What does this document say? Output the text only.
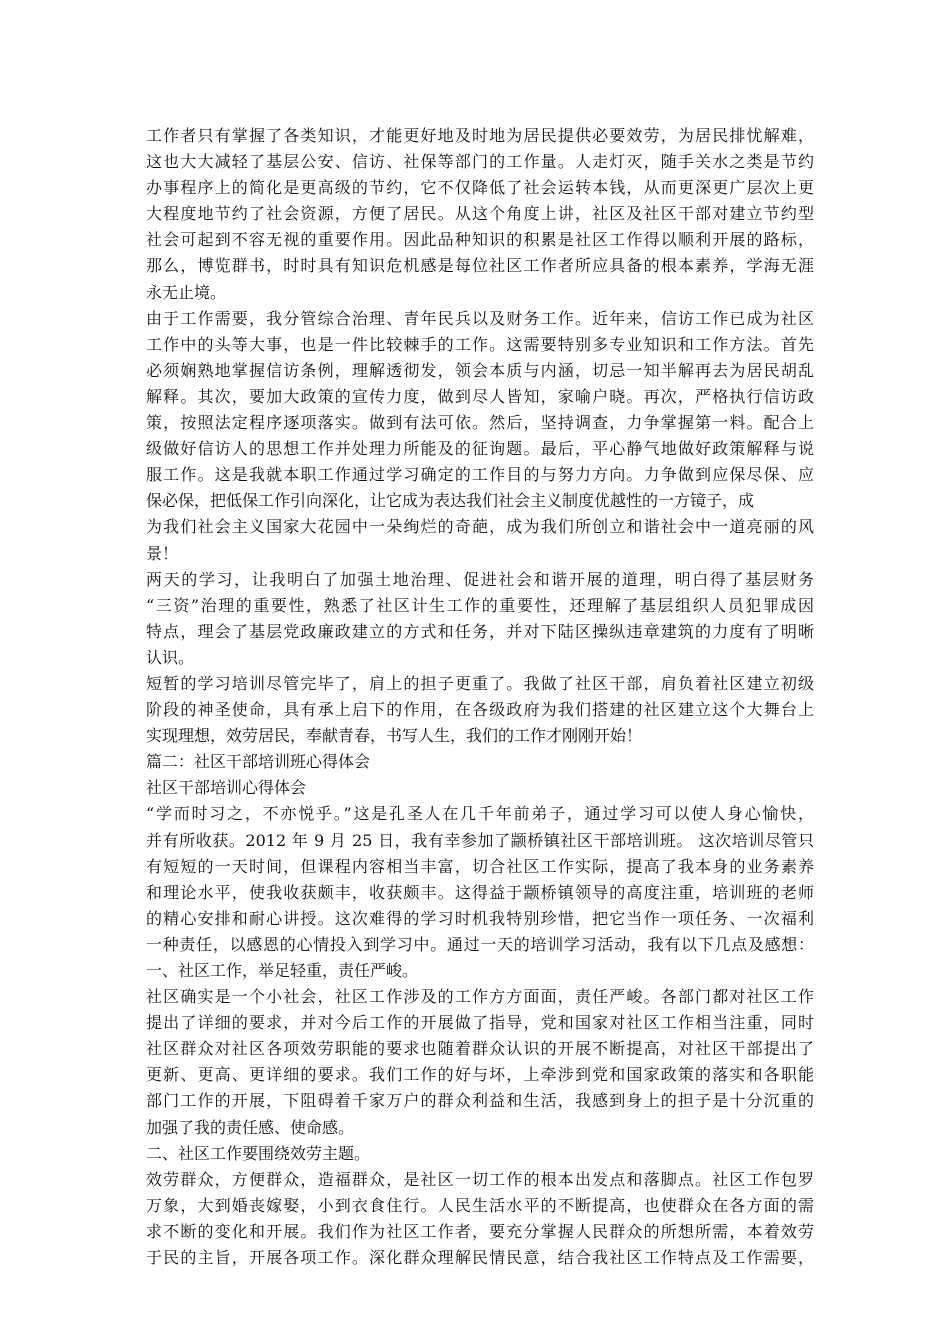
工作者只有掌握了各类知识，才能更好地及时地为居民提供必要效劳，为居民排忧解难，
这也大大减轻了基层公安、信访、社保等部门的工作量。人走灯灭，随手关水之类是节约
办事程序上的简化是更高级的节约，它不仅降低了社会运转本钱，从而更深更广层次上更
大程度地节约了社会资源，方便了居民。从这个角度上讲，社区及社区干部对建立节约型
社会可起到不容无视的重要作用。因此品种知识的积累是社区工作得以顺利开展的路标，
那么，博览群书，时时具有知识危机感是每位社区工作者所应具备的根本素养，学海无涯
永无止境。
由于工作需要，我分管综合治理、青年民兵以及财务工作。近年来，信访工作已成为社区
工作中的头等大事，也是一件比较棘手的工作。这需要特别多专业知识和工作方法。首先
必须娴熟地掌握信访条例，理解透彻发，领会本质与内涵，切忌一知半解再去为居民胡乱
解释。其次，要加大政策的宣传力度，做到尽人皆知，家喻户晓。再次，严格执行信访政
策，按照法定程序逐项落实。做到有法可依。然后，坚持调查，力争掌握第一料。配合上
级做好信访人的思想工作并处理力所能及的征询题。最后，平心静气地做好政策解释与说
服工作。这是我就本职工作通过学习确定的工作目的与努力方向。力争做到应保尽保、应
保必保，把低保工作引向深化，让它成为表达我们社会主义制度优越性的一方镜子，成
为我们社会主义国家大花园中一朵绚烂的奇葩，成为我们所创立和谐社会中一道亮丽的风
景！
两天的学习，让我明白了加强土地治理、促进社会和谐开展的道理，明白得了基层财务
“三资”治理的重要性，熟悉了社区计生工作的重要性，还理解了基层组织人员犯罪成因
特点，理会了基层党政廉政建立的方式和任务，并对下陆区操纵违章建筑的力度有了明晰
认识。
短暂的学习培训尽管完毕了，肩上的担子更重了。我做了社区干部，肩负着社区建立初级
阶段的神圣使命，具有承上启下的作用，在各级政府为我们搭建的社区建立这个大舞台上
实现理想，效劳居民，奉献青春，书写人生，我们的工作才刚刚开始！
篇二：社区干部培训班心得体会
社区干部培训心得体会
“学而时习之，不亦悦乎。”这是孔圣人在几千年前弟子，通过学习可以使人身心愉快，
并有所收获。2012 年 9 月 25 日，我有幸参加了颛桥镇社区干部培训班。 这次培训尽管只
有短短的一天时间，但课程内容相当丰富，切合社区工作实际，提高了我本身的业务素养
和理论水平，使我收获颇丰，收获颇丰。这得益于颛桥镇领导的高度注重，培训班的老师
的精心安排和耐心讲授。这次难得的学习时机我特别珍惜，把它当作一项任务、一次福利
一种责任，以感恩的心情投入到学习中。通过一天的培训学习活动，我有以下几点及感想：
一、社区工作，举足轻重，责任严峻。
社区确实是一个小社会，社区工作涉及的工作方方面面，责任严峻。各部门都对社区工作
提出了详细的要求，并对今后工作的开展做了指导，党和国家对社区工作相当注重，同时
社区群众对社区各项效劳职能的要求也随着群众认识的开展不断提高，对社区干部提出了
更新、更高、更详细的要求。我们工作的好与坏，上牵涉到党和国家政策的落实和各职能
部门工作的开展，下阻碍着千家万户的群众利益和生活，我感到身上的担子是十分沉重的
加强了我的责任感、使命感。
二、社区工作要围绕效劳主题。
效劳群众，方便群众，造福群众，是社区一切工作的根本出发点和落脚点。社区工作包罗
万象，大到婚丧嫁娶，小到衣食住行。人民生活水平的不断提高，也使群众在各方面的需
求不断的变化和开展。我们作为社区工作者，要充分掌握人民群众的所想所需，本着效劳
于民的主旨，开展各项工作。深化群众理解民情民意，结合我社区工作特点及工作需要，
